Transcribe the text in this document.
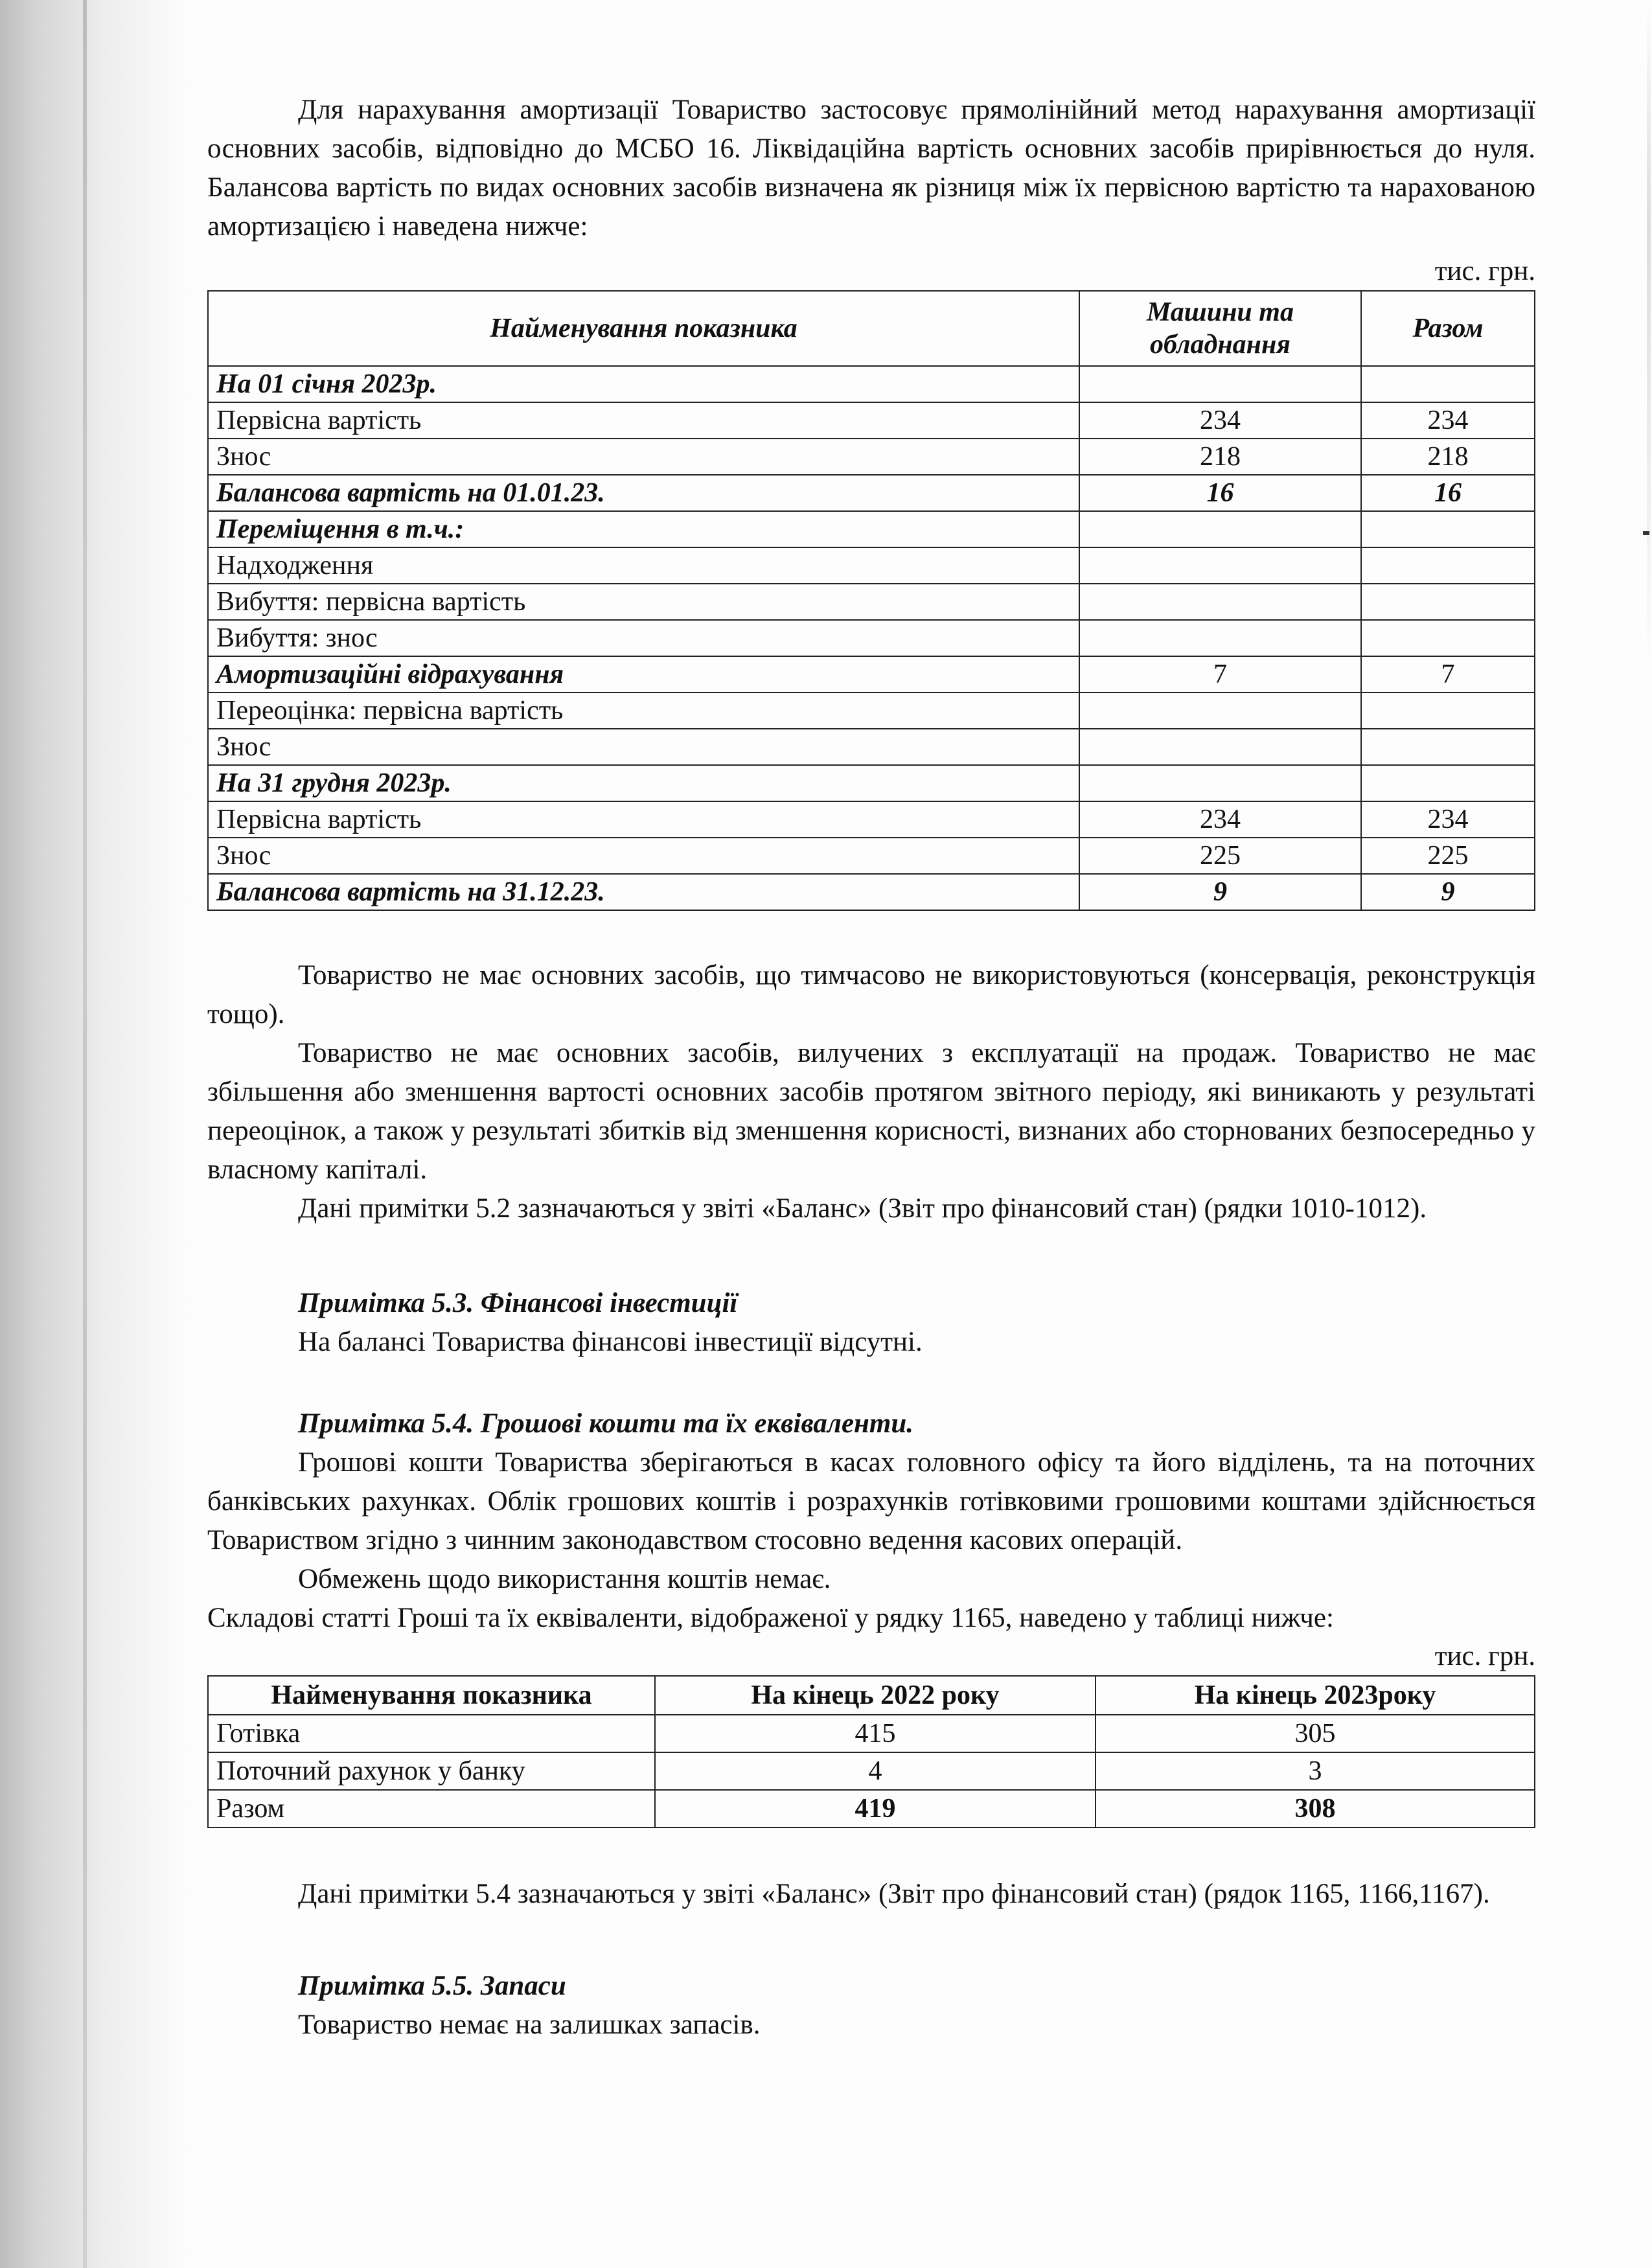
Для нарахування амортизації Товариство застосовує прямолінійний метод нарахування амортизації основних засобів, відповідно до МСБО 16. Ліквідаційна вартість основних засобів прирівнюється до нуля. Балансова вартість по видах основних засобів визначена як різниця між їх первісною вартістю та нарахованою амортизацією і наведена нижче:

тис. грн.

Найменування показника	Машини та обладнання	Разом
На 01 січня 2023р.		
Первісна вартість	234	234
Знос	218	218
Балансова вартість на 01.01.23.	16	16
Переміщення в т.ч.:		
Надходження		
Вибуття: первісна вартість		
Вибуття: знос		
Амортизаційні відрахування	7	7
Переоцінка: первісна вартість		
Знос		
На 31 грудня 2023р.		
Первісна вартість	234	234
Знос	225	225
Балансова вартість на 31.12.23.	9	9

Товариство не має основних засобів, що тимчасово не використовуються (консервація, реконструкція тощо).

Товариство не має основних засобів, вилучених з експлуатації на продаж. Товариство не має збільшення або зменшення вартості основних засобів протягом звітного періоду, які виникають у результаті переоцінок, а також у результаті збитків від зменшення корисності, визнаних або сторнованих безпосередньо у власному капіталі.

Дані примітки 5.2 зазначаються у звіті «Баланс» (Звіт про фінансовий стан) (рядки 1010-1012).

Примітка 5.3. Фінансові інвестиції

На балансі Товариства фінансові інвестиції відсутні.

Примітка 5.4. Грошові кошти та їх еквіваленти.

Грошові кошти Товариства зберігаються в касах головного офісу та його відділень, та на поточних банківських рахунках. Облік грошових коштів і розрахунків готівковими грошовими коштами здійснюється Товариством згідно з чинним законодавством стосовно ведення касових операцій.

Обмежень щодо використання коштів немає.

Складові статті Гроші та їх еквіваленти, відображеної у рядку 1165, наведено у таблиці нижче:

тис. грн.

Найменування показника	На кінець 2022 року	На кінець 2023року
Готівка	415	305
Поточний рахунок у банку	4	3
Разом	419	308

Дані примітки 5.4 зазначаються у звіті «Баланс» (Звіт про фінансовий стан) (рядок 1165, 1166,1167).

Примітка 5.5. Запаси

Товариство немає на залишках запасів.
